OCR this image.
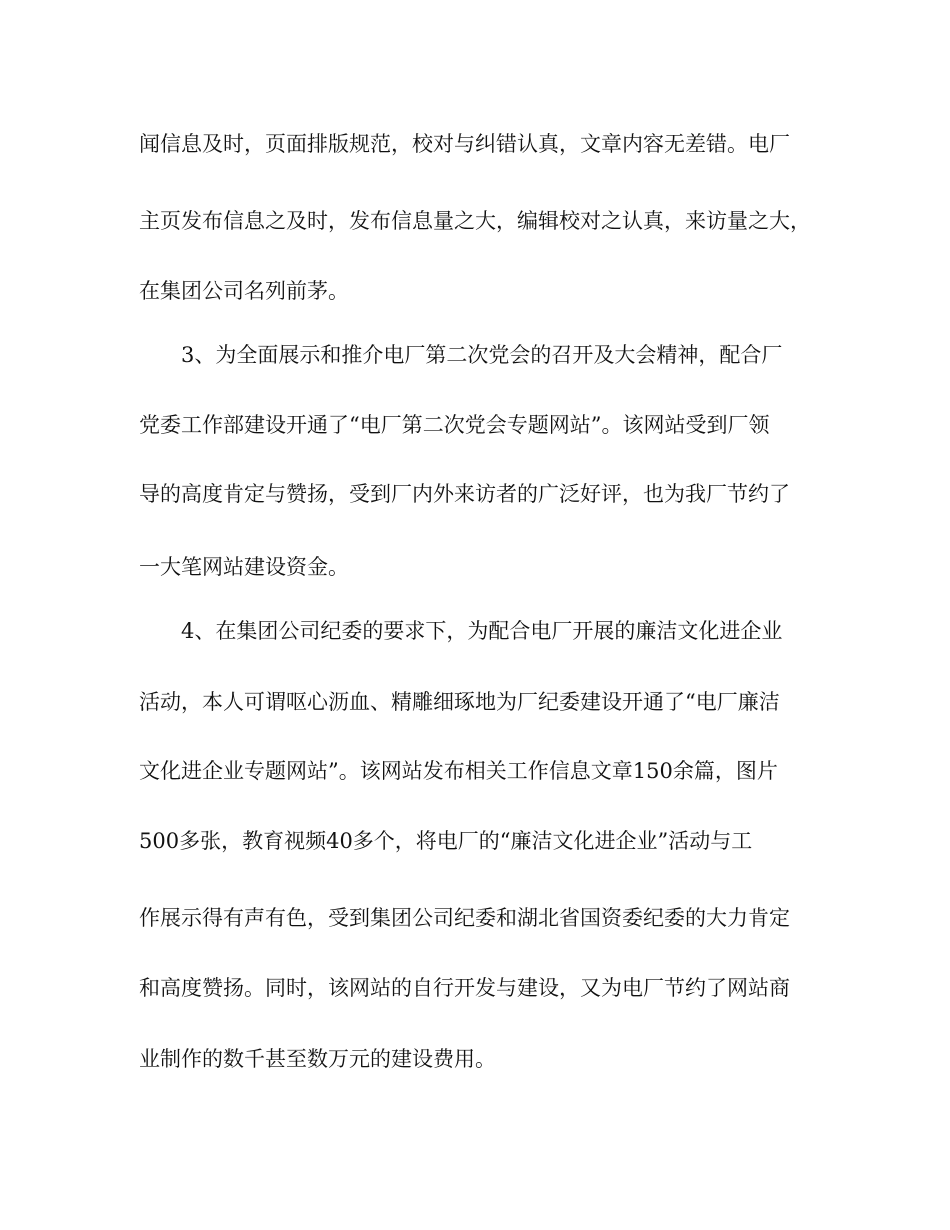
闻信息及时，页面排版规范，校对与纠错认真，文章内容无差错。电厂
主页发布信息之及时，发布信息量之大，编辑校对之认真，来访量之大，
在集团公司名列前茅。
3、为全面展示和推介电厂第二次党会的召开及大会精神，配合厂
党委工作部建设开通了“电厂第二次党会专题网站”。该网站受到厂领
导的高度肯定与赞扬，受到厂内外来访者的广泛好评，也为我厂节约了
一大笔网站建设资金。
4、在集团公司纪委的要求下，为配合电厂开展的廉洁文化进企业
活动，本人可谓呕心沥血、精雕细琢地为厂纪委建设开通了“电厂廉洁
文化进企业专题网站”。该网站发布相关工作信息文章150余篇，图片
500多张，教育视频40多个，将电厂的“廉洁文化进企业”活动与工
作展示得有声有色，受到集团公司纪委和湖北省国资委纪委的大力肯定
和高度赞扬。同时，该网站的自行开发与建设，又为电厂节约了网站商
业制作的数千甚至数万元的建设费用。
